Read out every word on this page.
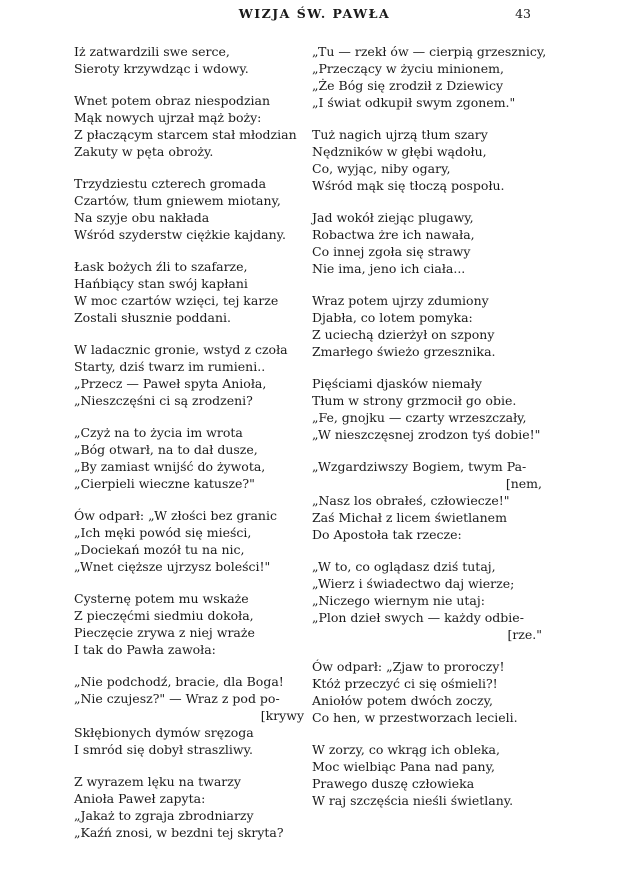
WIZJA ŚW. PAWŁA	43
Iż zatwardzili swe serce,
Sieroty krzywdząc i wdowy.
Wnet potem obraz niespodzian
Mąk nowych ujrzał mąż boży:
Z płaczącym starcem stał młodzian
Zakuty w pęta obroży.
Trzydziestu czterech gromada
Czartów, tłum gniewem miotany,
Na szyje obu nakłada
Wśród szyderstw ciężkie kajdany.
Łask bożych źli to szafarze,
Hańbiący stan swój kapłani
W moc czartów wzięci, tej karze
Zostali słusznie poddani.
W ladacznic gronie, wstyd z czoła
Starty, dziś twarz im rumieni..
„Przecz — Paweł spyta Anioła,
„Nieszczęśni ci są zrodzeni?
„Czyż na to życia im wrota
„Bóg otwarł, na to dał dusze,
„By zamiast wnijść do żywota,
„Cierpieli wieczne katusze?"
Ów odparł: „W złości bez granic
„Ich męki powód się mieści,
„Dociekań mozół tu na nic,
„Wnet cięższe ujrzysz boleści!"
Cysternę potem mu wskaże
Z pieczęćmi siedmiu dokoła,
Pieczęcie zrywa z niej wraże
I tak do Pawła zawoła:
„Nie podchodź, bracie, dla Boga!
„Nie czujesz?" — Wraz z pod po-
[krywy
Skłębionych dymów sręzoga
I smród się dobył straszliwy.
Z wyrazem lęku na twarzy
Anioła Paweł zapyta:
„Jakaż to zgraja zbrodniarzy
„Kaźń znosi, w bezdni tej skryta?
„Tu — rzekł ów — cierpią grzesznicy,
„Przeczący w życiu minionem,
„Że Bóg się zrodził z Dziewicy
„I świat odkupił swym zgonem."
Tuż nagich ujrzą tłum szary
Nędzników w głębi wądołu,
Co, wyjąc, niby ogary,
Wśród mąk się tłoczą pospołu.
Jad wokół ziejąc plugawy,
Robactwa żre ich nawała,
Co innej zgoła się strawy
Nie ima, jeno ich ciała...
Wraz potem ujrzy zdumiony
Djabła, co lotem pomyka:
Z uciechą dzierżył on szpony
Zmarłego świeżo grzesznika.
Pięściami djasków niemały
Tłum w strony grzmocił go obie.
„Fe, gnojku — czarty wrzeszczały,
„W nieszczęsnej zrodzon tyś dobie!"
„Wzgardziwszy Bogiem, twym Pa-
[nem,
„Nasz los obrałeś, człowiecze!"
Zaś Michał z licem świetlanem
Do Apostoła tak rzecze:
„W to, co oglądasz dziś tutaj,
„Wierz i świadectwo daj wierze;
„Niczego wiernym nie utaj:
„Plon dzieł swych — każdy odbie-
[rze."
Ów odparł: „Zjaw to proroczy!
Któż przeczyć ci się ośmieli?!
Aniołów potem dwóch zoczy,
Co hen, w przestworzach lecieli.
W zorzy, co wkrąg ich obleka,
Moc wielbiąc Pana nad pany,
Prawego duszę człowieka
W raj szczęścia nieśli świetlany.
